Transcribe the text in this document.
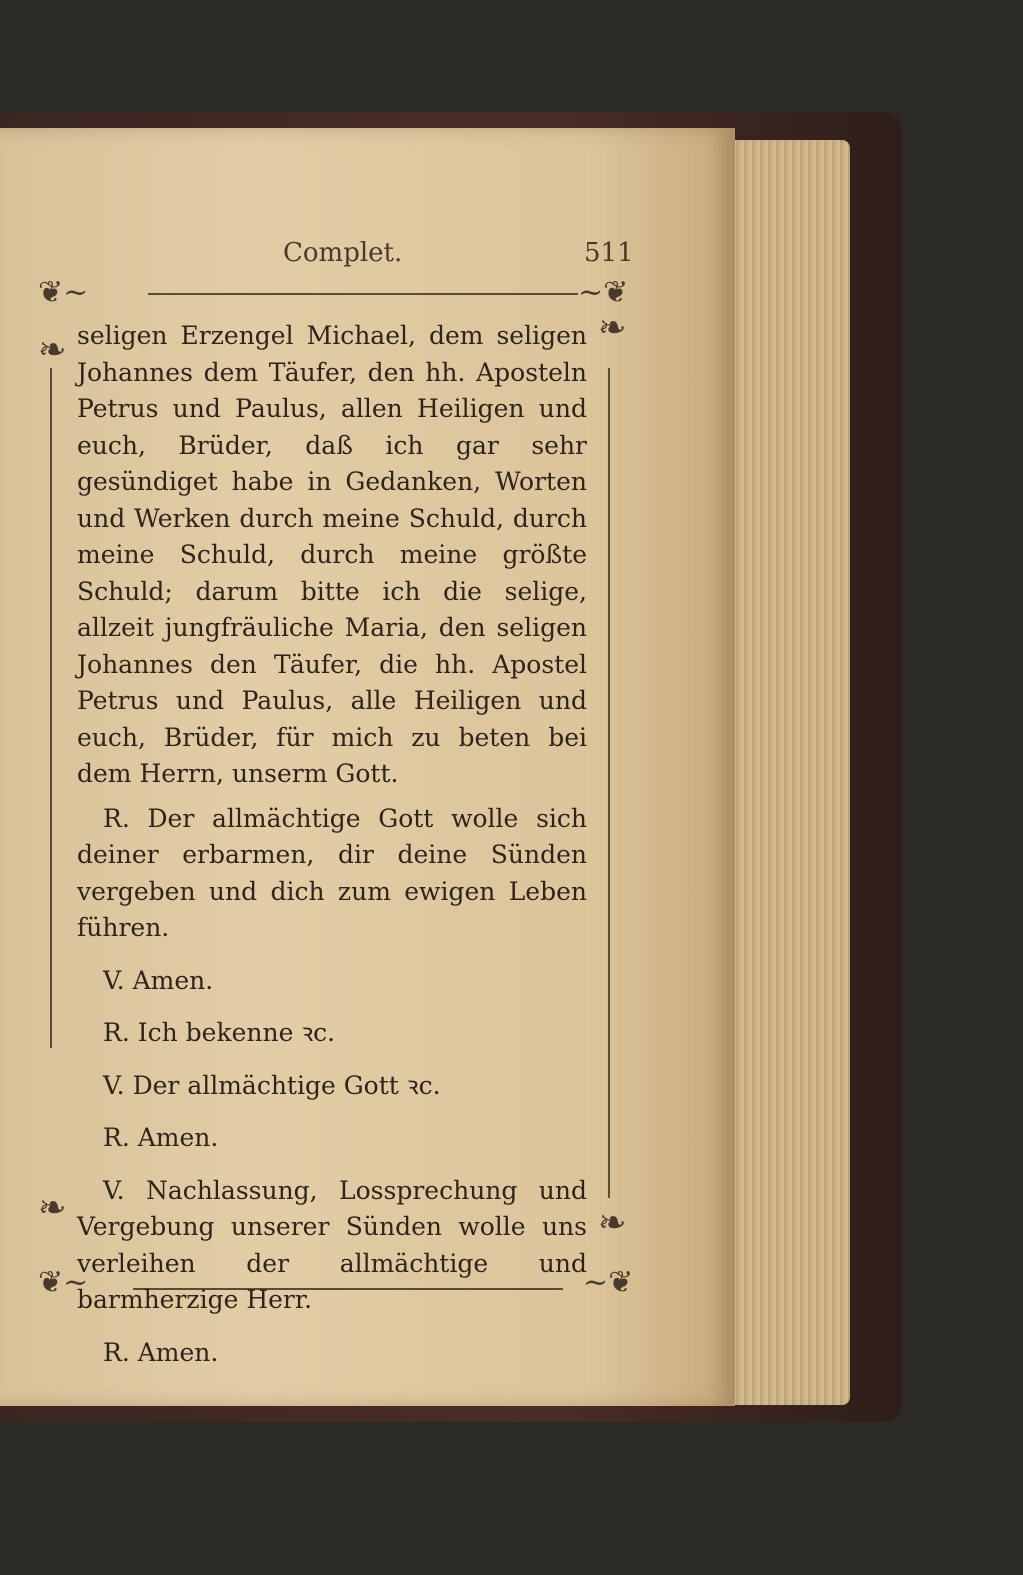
Complet.	511
❦~	~❦
❦~	~❦
❧
❧
❧	❧

seligen Erzengel Michael, dem seligen Johannes dem Täufer, den hh. Aposteln Petrus und Paulus, allen Heiligen und euch, Brüder, daß ich gar sehr gesündiget habe in Gedanken, Worten und Werken durch meine Schuld, durch meine Schuld, durch meine größte Schuld; darum bitte ich die selige, allzeit jungfräuliche Maria, den seligen Johannes den Täufer, die hh. Apostel Petrus und Paulus, alle Heiligen und euch, Brüder, für mich zu beten bei dem Herrn, unserm Gott.

R. Der allmächtige Gott wolle sich deiner erbarmen, dir deine Sünden vergeben und dich zum ewigen Leben führen.

V. Amen.

R. Ich bekenne ꝛc.

V. Der allmächtige Gott ꝛc.

R. Amen.

V. Nachlassung, Lossprechung und Vergebung unserer Sünden wolle uns verleihen der allmächtige und barmherzige Herr.

R. Amen.
